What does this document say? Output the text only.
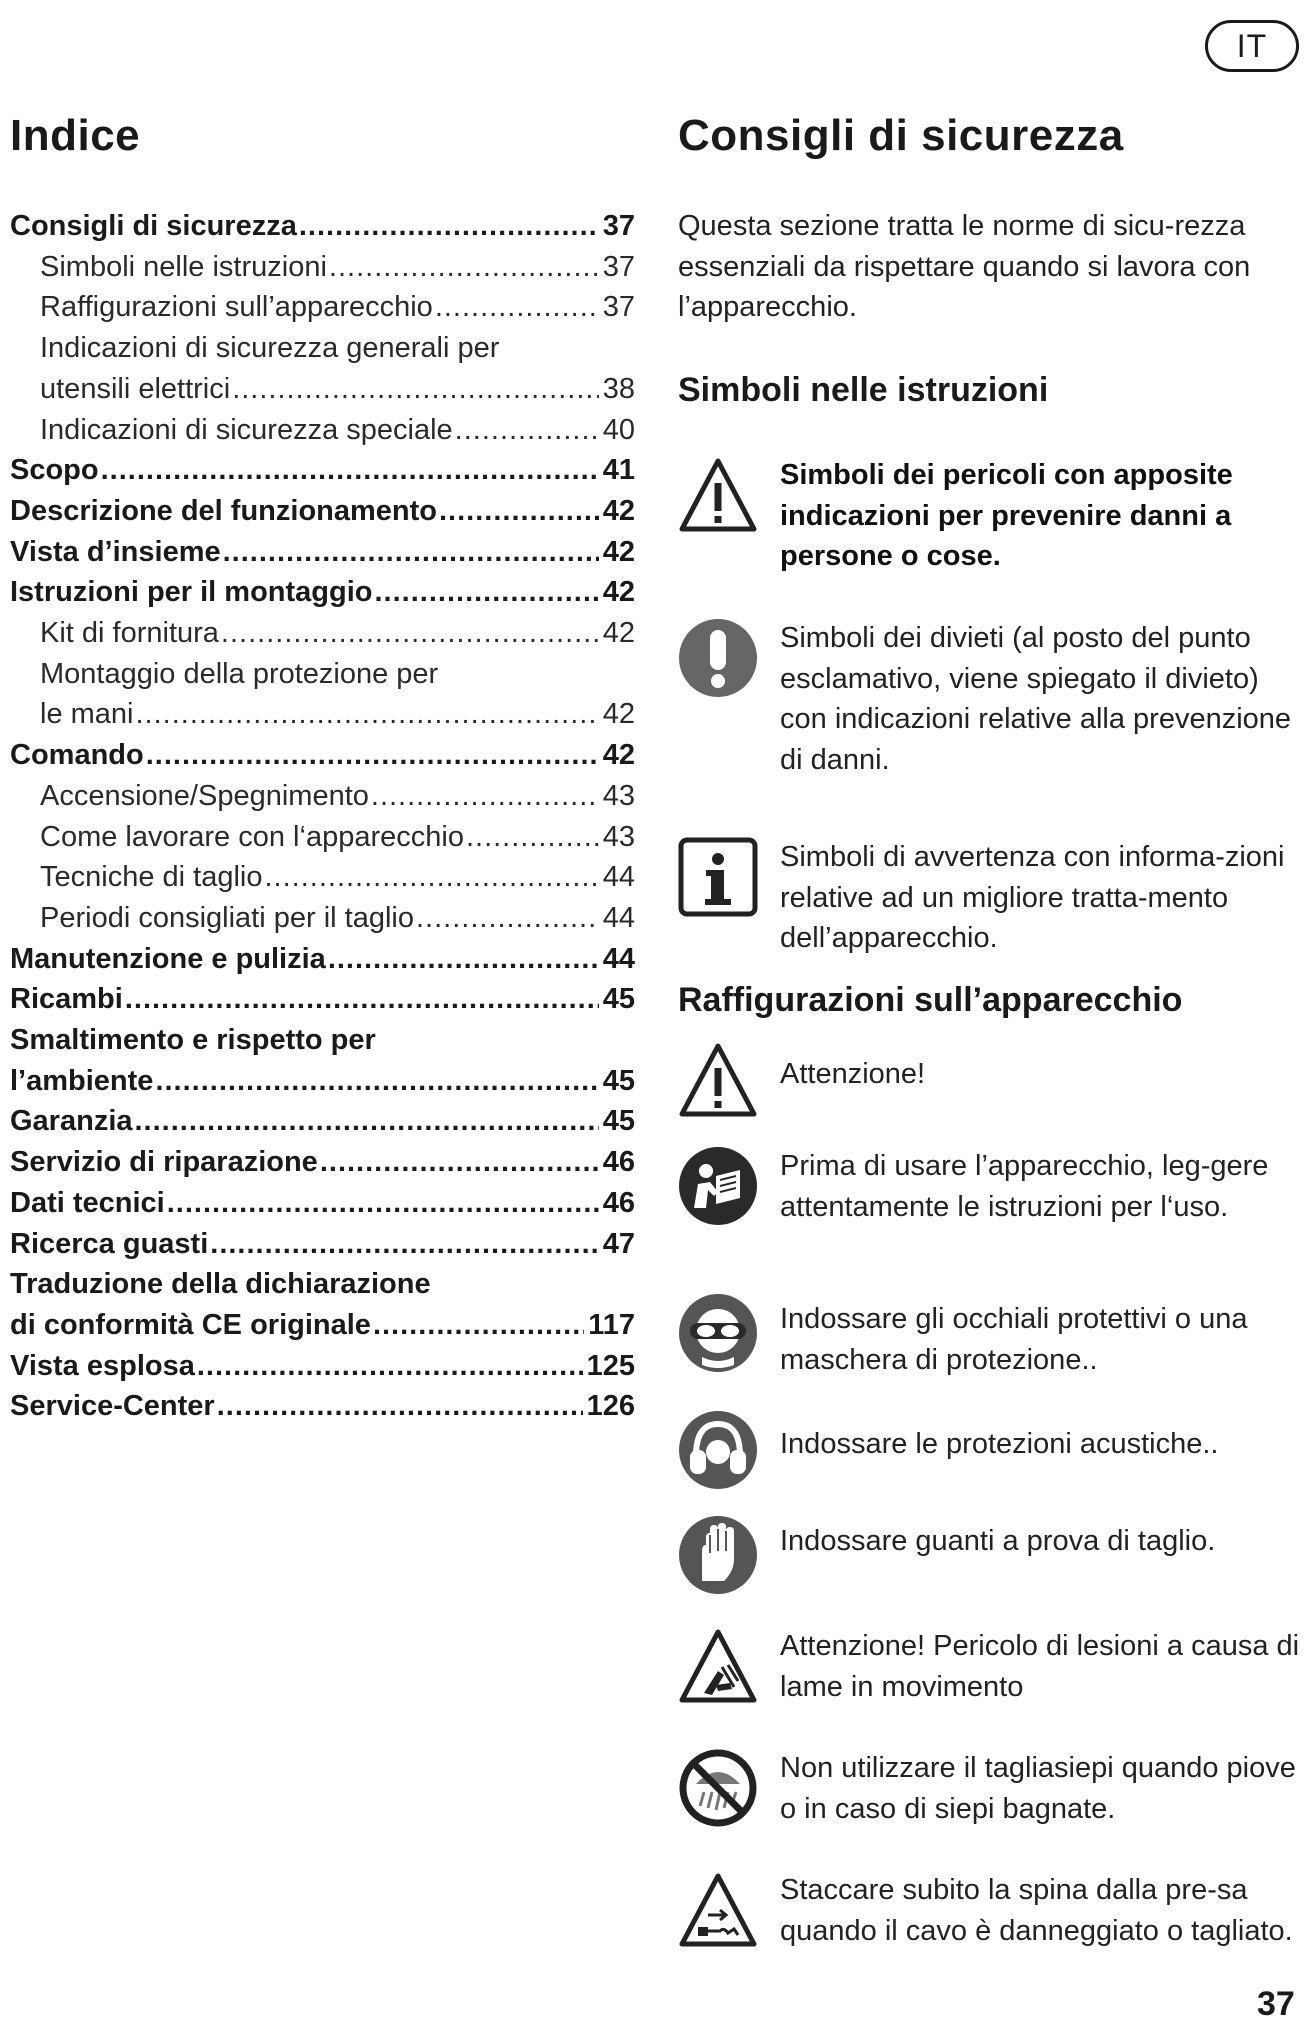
IT
Indice
Consigli di sicurezza .....	37
Simboli nelle istruzioni .....	37
Raffigurazioni sull’apparecchio .....	37
Indicazioni di sicurezza generali per
utensili elettrici .....	38
Indicazioni di sicurezza speciale .....	40
Scopo .....	41
Descrizione del funzionamento .....	42
Vista d’insieme .....	42
Istruzioni per il montaggio .....	42
Kit di fornitura .....	42
Montaggio della protezione per
le mani .....	42
Comando .....	42
Accensione/Spegnimento .....	43
Come lavorare con l‘apparecchio .....	43
Tecniche di taglio .....	44
Periodi consigliati per il taglio .....	44
Manutenzione e pulizia .....	44
Ricambi .....	45
Smaltimento e rispetto per
l’ambiente .....	45
Garanzia .....	45
Servizio di riparazione .....	46
Dati tecnici .....	46
Ricerca guasti .....	47
Traduzione della dichiarazione
di conformità CE originale .....	117
Vista esplosa .....	125
Service-Center .....	126
Consigli di sicurezza

Questa sezione tratta le norme di sicu-rezza essenziali da rispettare quando si lavora con l’apparecchio.

Simboli nelle istruzioni
Simboli dei pericoli con apposite indicazioni per prevenire danni a persone o cose.
Simboli dei divieti (al posto del punto esclamativo, viene spiegato il divieto) con indicazioni relative alla prevenzione di danni.
Simboli di avvertenza con informa-zioni relative ad un migliore tratta-mento dell’apparecchio.
Raffigurazioni sull’apparecchio
Attenzione!
Prima di usare l’apparecchio, leg-gere attentamente le istruzioni per l‘uso.
Indossare gli occhiali protettivi o una maschera di protezione..
Indossare le protezioni acustiche..
Indossare guanti a prova di taglio.
Attenzione! Pericolo di lesioni a causa di lame in movimento
Non utilizzare il tagliasiepi quando piove o in caso di siepi bagnate.
Staccare subito la spina dalla pre-sa quando il cavo è danneggiato o tagliato.
37
